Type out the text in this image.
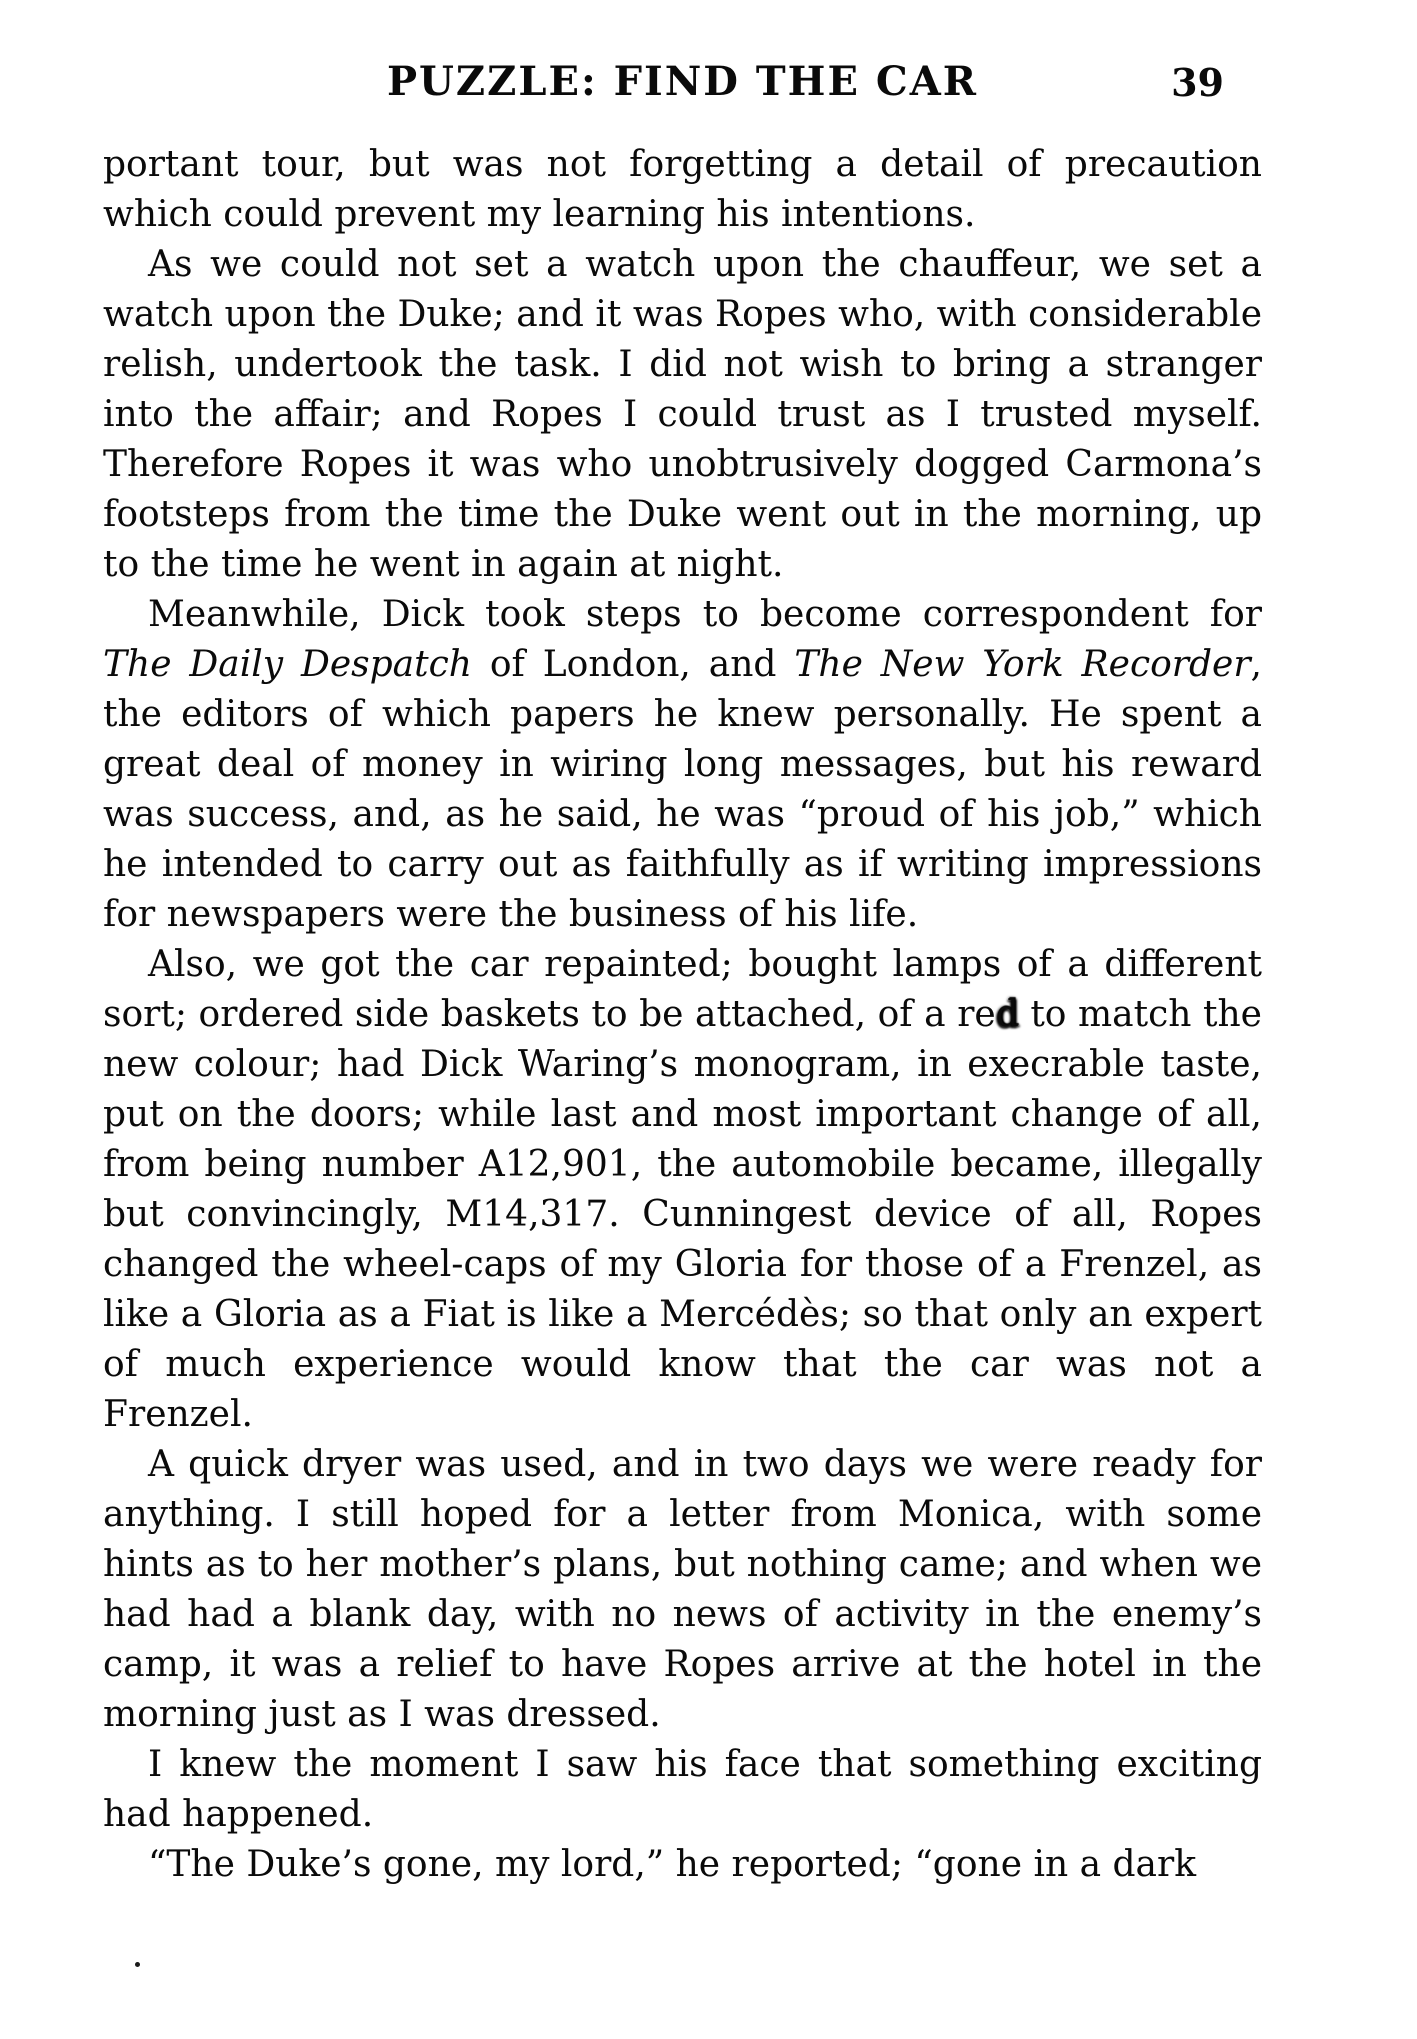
PUZZLE: FIND THE CAR	39

portant tour, but was not forgetting a detail of precaution which could prevent my learning his intentions.

As we could not set a watch upon the chauffeur, we set a watch upon the Duke; and it was Ropes who, with considerable relish, undertook the task. I did not wish to bring a stranger into the affair; and Ropes I could trust as I trusted myself. Therefore Ropes it was who unobtrusively dogged Carmona’s footsteps from the time the Duke went out in the morning, up to the time he went in again at night.

Meanwhile, Dick took steps to become correspondent for The Daily Despatch of London, and The New York Recorder, the editors of which papers he knew personally. He spent a great deal of money in wiring long messages, but his reward was success, and, as he said, he was “proud of his job,” which he intended to carry out as faithfully as if writing impressions for newspapers were the business of his life.

Also, we got the car repainted; bought lamps of a different sort; ordered side baskets to be attached, of a red to match the new colour; had Dick Waring’s monogram, in execrable taste, put on the doors; while last and most important change of all, from being number A12,901, the automobile became, illegally but convincingly, M14,317. Cunningest device of all, Ropes changed the wheel-caps of my Gloria for those of a Frenzel, as like a Gloria as a Fiat is like a Mercédès; so that only an expert of much experience would know that the car was not a Frenzel.

A quick dryer was used, and in two days we were ready for anything. I still hoped for a letter from Monica, with some hints as to her mother’s plans, but nothing came; and when we had had a blank day, with no news of activity in the enemy’s camp, it was a relief to have Ropes arrive at the hotel in the morning just as I was dressed.

I knew the moment I saw his face that something exciting had happened.

“The Duke’s gone, my lord,” he reported; “gone in a dark
